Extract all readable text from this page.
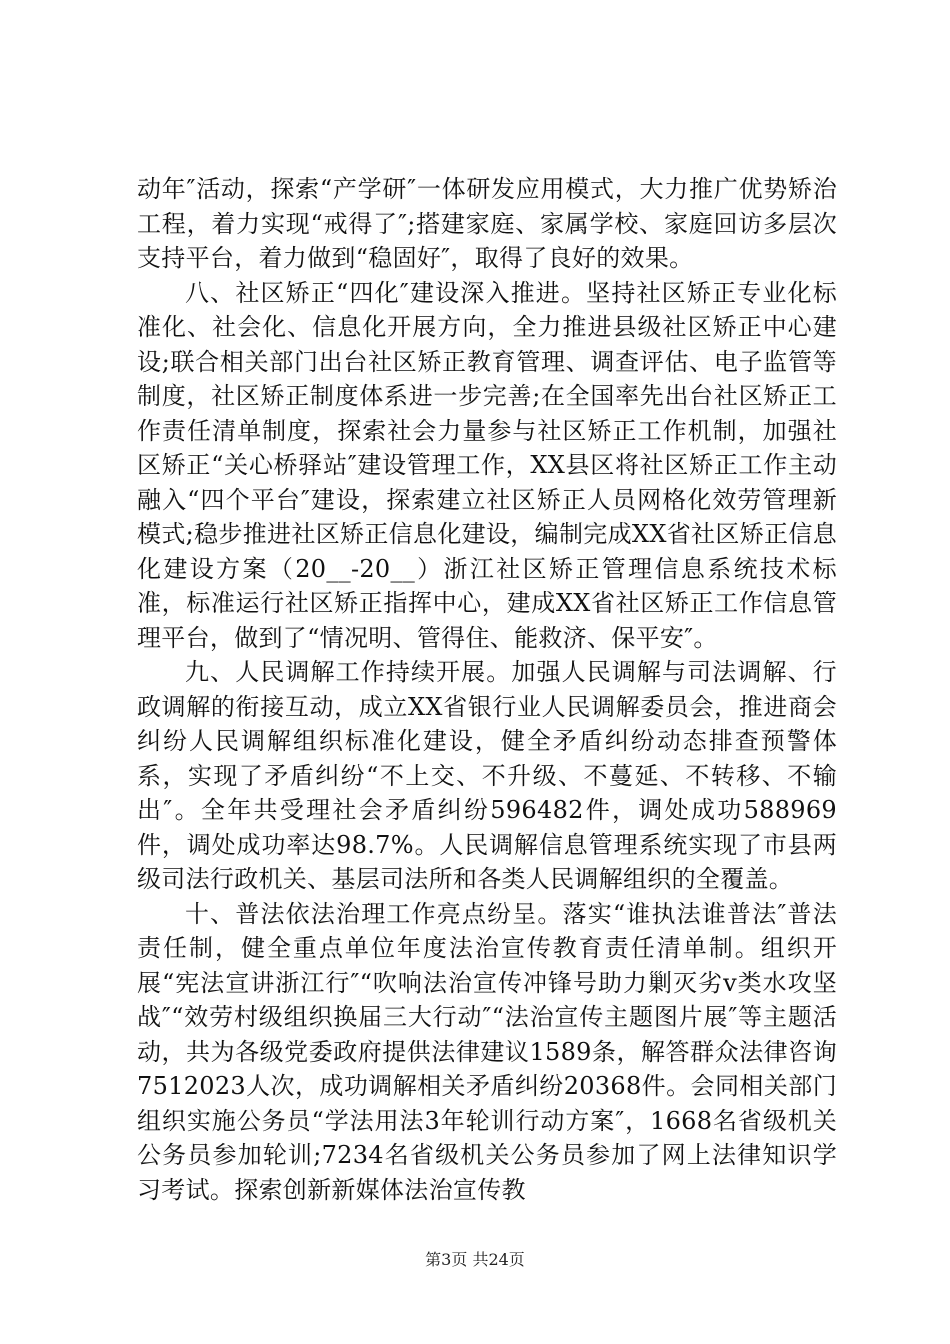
动年″活动，探索“产学研″一体研发应用模式，大力推广优势矫治工程，着力实现“戒得了″;搭建家庭、家属学校、家庭回访多层次支持平台，着力做到“稳固好″，取得了良好的效果。

八、社区矫正“四化″建设深入推进。坚持社区矫正专业化标准化、社会化、信息化开展方向，全力推进县级社区矫正中心建设;联合相关部门出台社区矫正教育管理、调查评估、电子监管等制度，社区矫正制度体系进一步完善;在全国率先出台社区矫正工作责任清单制度，探索社会力量参与社区矫正工作机制，加强社区矫正“关心桥驿站″建设管理工作，XX县区将社区矫正工作主动融入“四个平台″建设，探索建立社区矫正人员网格化效劳管理新模式;稳步推进社区矫正信息化建设，编制完成XX省社区矫正信息化建设方案（20__-20__）浙江社区矫正管理信息系统技术标准，标准运行社区矫正指挥中心，建成XX省社区矫正工作信息管理平台，做到了“情况明、管得住、能救济、保平安″。

九、人民调解工作持续开展。加强人民调解与司法调解、行政调解的衔接互动，成立XX省银行业人民调解委员会，推进商会纠纷人民调解组织标准化建设，健全矛盾纠纷动态排查预警体系，实现了矛盾纠纷“不上交、不升级、不蔓延、不转移、不输出″。全年共受理社会矛盾纠纷596482件，调处成功588969件，调处成功率达98.7%。人民调解信息管理系统实现了市县两级司法行政机关、基层司法所和各类人民调解组织的全覆盖。

十、普法依法治理工作亮点纷呈。落实“谁执法谁普法″普法责任制，健全重点单位年度法治宣传教育责任清单制。组织开展“宪法宣讲浙江行″“吹响法治宣传冲锋号助力剿灭劣v类水攻坚战″“效劳村级组织换届三大行动″“法治宣传主题图片展″等主题活动，共为各级党委政府提供法律建议1589条，解答群众法律咨询7512023人次，成功调解相关矛盾纠纷20368件。会同相关部门组织实施公务员“学法用法3年轮训行动方案″，1668名省级机关公务员参加轮训;7234名省级机关公务员参加了网上法律知识学习考试。探索创新新媒体法治宣传教

第3页 共24页
